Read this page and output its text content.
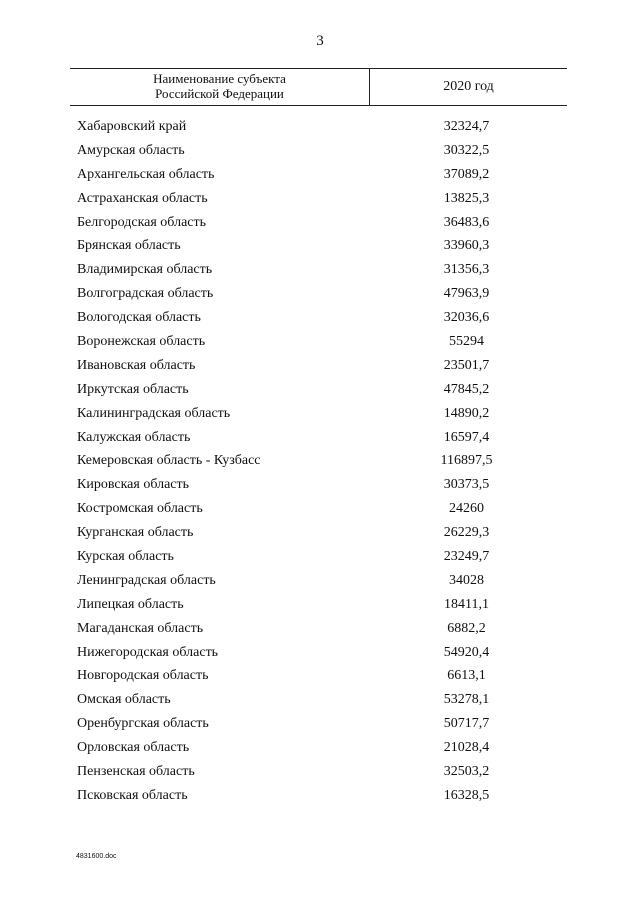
3
Наименование субъекта
Российской Федерации	2020 год
Хабаровский край	32324,7
Амурская область	30322,5
Архангельская область	37089,2
Астраханская область	13825,3
Белгородская область	36483,6
Брянская область	33960,3
Владимирская область	31356,3
Волгоградская область	47963,9
Вологодская область	32036,6
Воронежская область	55294
Ивановская область	23501,7
Иркутская область	47845,2
Калининградская область	14890,2
Калужская область	16597,4
Кемеровская область - Кузбасс	116897,5
Кировская область	30373,5
Костромская область	24260
Курганская область	26229,3
Курская область	23249,7
Ленинградская область	34028
Липецкая область	18411,1
Магаданская область	6882,2
Нижегородская область	54920,4
Новгородская область	6613,1
Омская область	53278,1
Оренбургская область	50717,7
Орловская область	21028,4
Пензенская область	32503,2
Псковская область	16328,5
4831600.doc
